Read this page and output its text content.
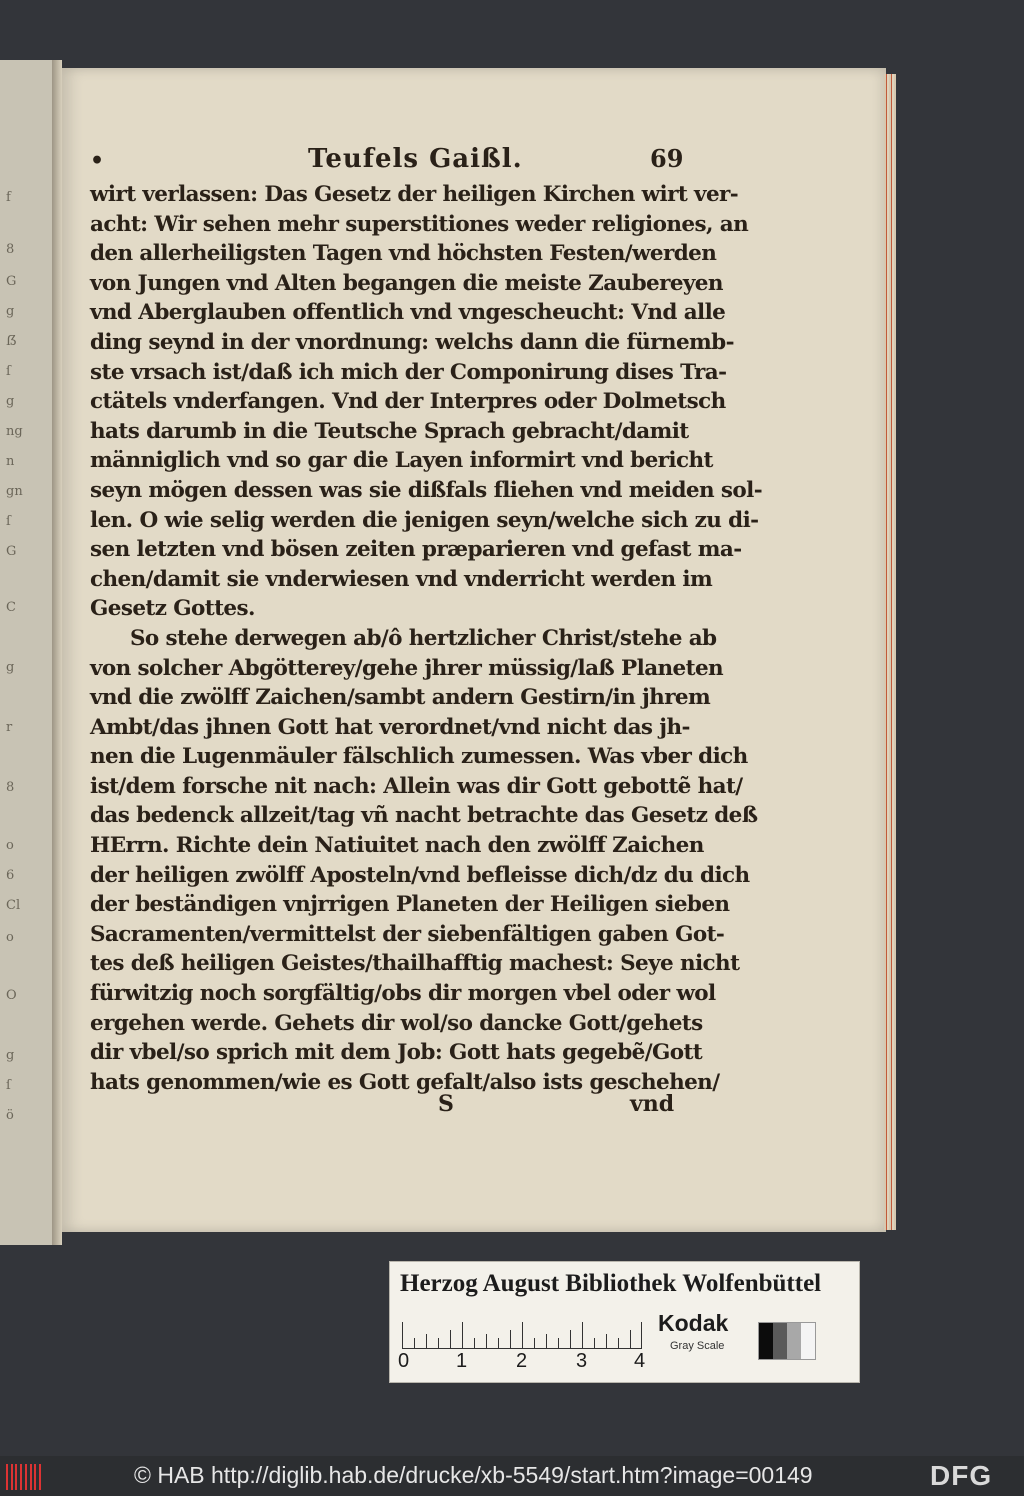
f
8
G
g
ẞ
ſ
g
ng
n
gn
ſ
G
C
g
r
8
o
6
Cl
o
O
g
ſ
ö
•	Teufels Gaißl.	69
wirt verlassen: Das Gesetz der heiligen Kirchen wirt ver-
acht: Wir sehen mehr superstitiones weder religiones, an
den allerheiligsten Tagen vnd höchsten Festen/werden
von Jungen vnd Alten begangen die meiste Zaubereyen
vnd Aberglauben offentlich vnd vngescheucht: Vnd alle
ding seynd in der vnordnung: welchs dann die fürnemb-
ste vrsach ist/daß ich mich der Componirung dises Tra-
ctätels vnderfangen. Vnd der Interpres oder Dolmetsch
hats darumb in die Teutsche Sprach gebracht/damit
männiglich vnd so gar die Layen informirt vnd bericht
seyn mögen dessen was sie dißfals fliehen vnd meiden sol-
len. O wie selig werden die jenigen seyn/welche sich zu di-
sen letzten vnd bösen zeiten præparieren vnd gefast ma-
chen/damit sie vnderwiesen vnd vnderricht werden im
Gesetz Gottes.
So stehe derwegen ab/ô hertzlicher Christ/stehe ab
von solcher Abgötterey/gehe jhrer müssig/laß Planeten
vnd die zwölff Zaichen/sambt andern Gestirn/in jhrem
Ambt/das jhnen Gott hat verordnet/vnd nicht das jh-
nen die Lugenmäuler fälschlich zumessen. Was vber dich
ist/dem forsche nit nach: Allein was dir Gott gebottẽ hat/
das bedenck allzeit/tag vñ nacht betrachte das Gesetz deß
HErrn. Richte dein Natiuitet nach den zwölff Zaichen
der heiligen zwölff Aposteln/vnd befleisse dich/dz du dich
der beständigen vnjrrigen Planeten der Heiligen sieben
Sacramenten/vermittelst der siebenfältigen gaben Got-
tes deß heiligen Geistes/thailhafftig machest: Seye nicht
fürwitzig noch sorgfältig/obs dir morgen vbel oder wol
ergehen werde. Gehets dir wol/so dancke Gott/gehets
dir vbel/so sprich mit dem Job: Gott hats gegebẽ/Gott
hats genommen/wie es Gott gefalt/also ists geschehen/
S	vnd
Herzog August Bibliothek Wolfenbüttel
0 1 2 3 4
Kodak
Gray Scale
© HAB http://diglib.hab.de/drucke/xb-5549/start.htm?image=00149	DFG
